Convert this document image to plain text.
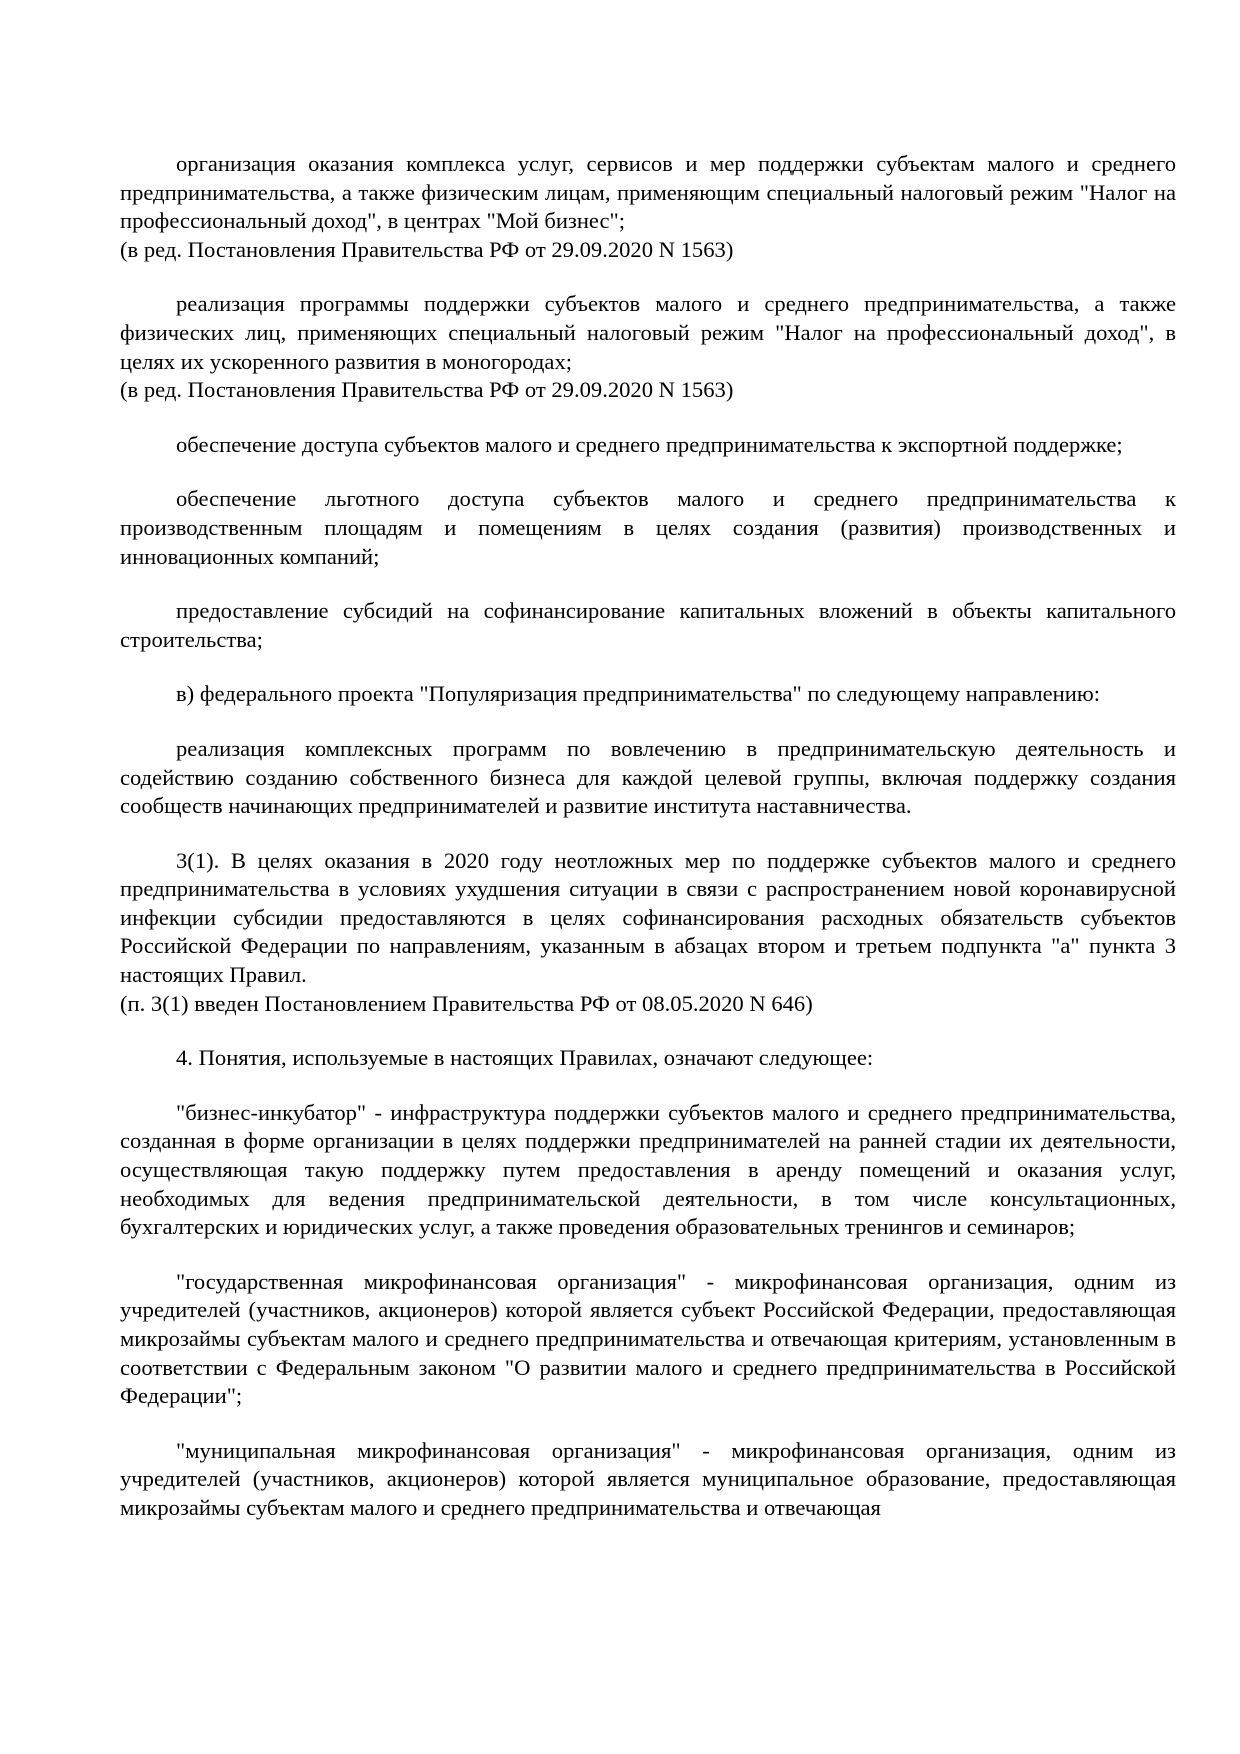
организация оказания комплекса услуг, сервисов и мер поддержки субъектам малого и среднего предпринимательства, а также физическим лицам, применяющим специальный налоговый режим "Налог на профессиональный доход", в центрах "Мой бизнес";

(в ред. Постановления Правительства РФ от 29.09.2020 N 1563)

реализация программы поддержки субъектов малого и среднего предпринимательства, а также физических лиц, применяющих специальный налоговый режим "Налог на профессиональный доход", в целях их ускоренного развития в моногородах;

(в ред. Постановления Правительства РФ от 29.09.2020 N 1563)

обеспечение доступа субъектов малого и среднего предпринимательства к экспортной поддержке;

обеспечение льготного доступа субъектов малого и среднего предпринимательства к производственным площадям и помещениям в целях создания (развития) производственных и инновационных компаний;

предоставление субсидий на софинансирование капитальных вложений в объекты капитального строительства;

в) федерального проекта "Популяризация предпринимательства" по следующему направлению:

реализация комплексных программ по вовлечению в предпринимательскую деятельность и содействию созданию собственного бизнеса для каждой целевой группы, включая поддержку создания сообществ начинающих предпринимателей и развитие института наставничества.

3(1). В целях оказания в 2020 году неотложных мер по поддержке субъектов малого и среднего предпринимательства в условиях ухудшения ситуации в связи с распространением новой коронавирусной инфекции субсидии предоставляются в целях софинансирования расходных обязательств субъектов Российской Федерации по направлениям, указанным в абзацах втором и третьем подпункта "а" пункта 3 настоящих Правил.

(п. 3(1) введен Постановлением Правительства РФ от 08.05.2020 N 646)

4. Понятия, используемые в настоящих Правилах, означают следующее:

"бизнес-инкубатор" - инфраструктура поддержки субъектов малого и среднего предпринимательства, созданная в форме организации в целях поддержки предпринимателей на ранней стадии их деятельности, осуществляющая такую поддержку путем предоставления в аренду помещений и оказания услуг, необходимых для ведения предпринимательской деятельности, в том числе консультационных, бухгалтерских и юридических услуг, а также проведения образовательных тренингов и семинаров;

"государственная микрофинансовая организация" - микрофинансовая организация, одним из учредителей (участников, акционеров) которой является субъект Российской Федерации, предоставляющая микрозаймы субъектам малого и среднего предпринимательства и отвечающая критериям, установленным в соответствии с Федеральным законом "О развитии малого и среднего предпринимательства в Российской Федерации";

"муниципальная микрофинансовая организация" - микрофинансовая организация, одним из учредителей (участников, акционеров) которой является муниципальное образование, предоставляющая микрозаймы субъектам малого и среднего предпринимательства и отвечающая
